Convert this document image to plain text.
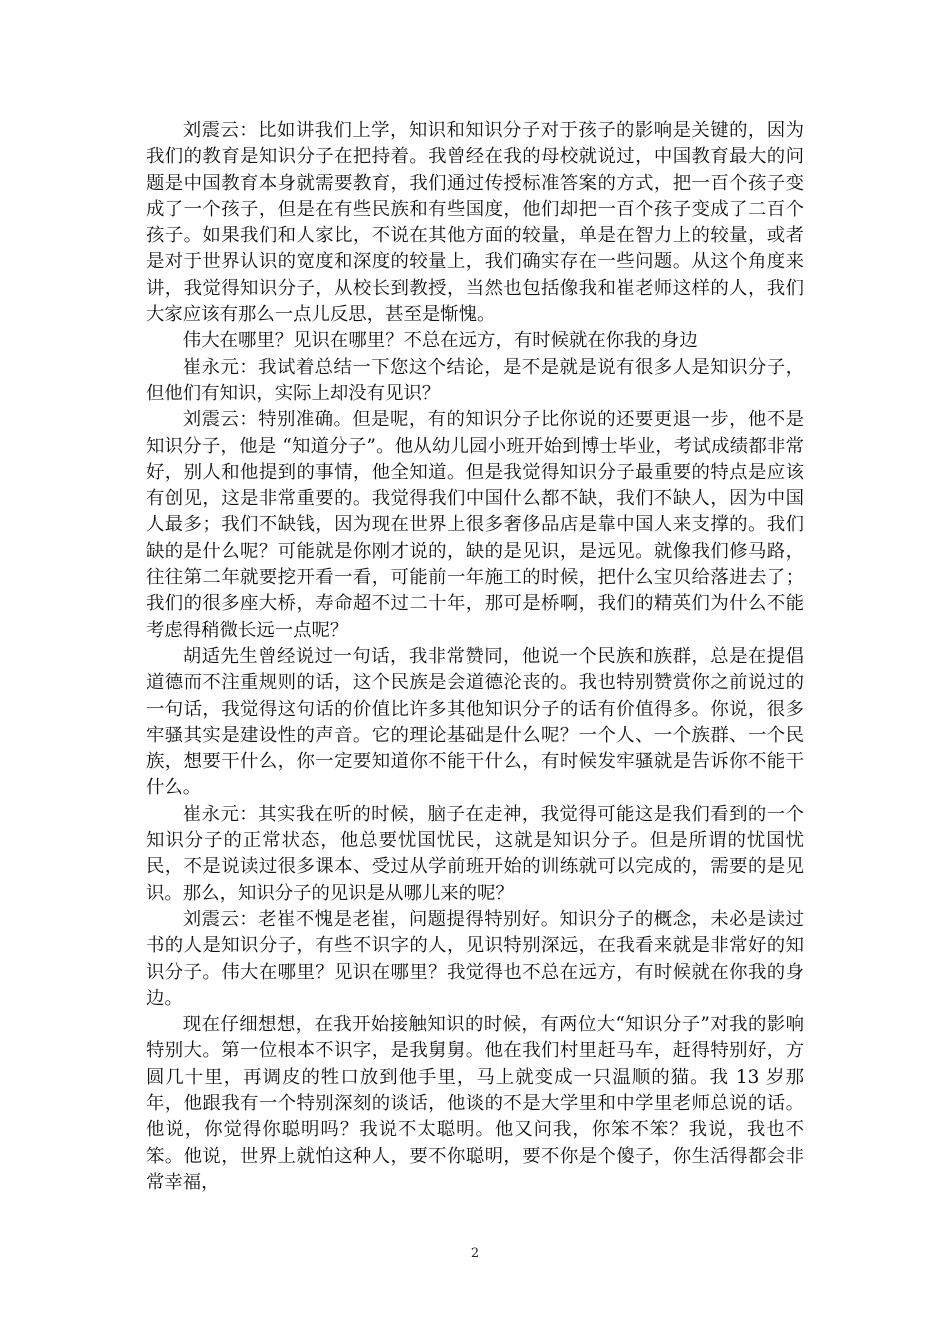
刘震云：比如讲我们上学，知识和知识分子对于孩子的影响是关键的，因为我们的教育是知识分子在把持着。我曾经在我的母校就说过，中国教育最大的问题是中国教育本身就需要教育，我们通过传授标准答案的方式，把一百个孩子变成了一个孩子，但是在有些民族和有些国度，他们却把一百个孩子变成了二百个孩子。如果我们和人家比，不说在其他方面的较量，单是在智力上的较量，或者是对于世界认识的宽度和深度的较量上，我们确实存在一些问题。从这个角度来讲，我觉得知识分子，从校长到教授，当然也包括像我和崔老师这样的人，我们大家应该有那么一点儿反思，甚至是惭愧。

伟大在哪里？见识在哪里？不总在远方，有时候就在你我的身边

崔永元：我试着总结一下您这个结论，是不是就是说有很多人是知识分子，但他们有知识，实际上却没有见识？

刘震云：特别准确。但是呢，有的知识分子比你说的还要更退一步，他不是知识分子，他是 “知道分子”。他从幼儿园小班开始到博士毕业，考试成绩都非常好，别人和他提到的事情，他全知道。但是我觉得知识分子最重要的特点是应该有创见，这是非常重要的。我觉得我们中国什么都不缺，我们不缺人，因为中国人最多；我们不缺钱，因为现在世界上很多奢侈品店是靠中国人来支撑的。我们缺的是什么呢？可能就是你刚才说的，缺的是见识，是远见。就像我们修马路，往往第二年就要挖开看一看，可能前一年施工的时候，把什么宝贝给落进去了；我们的很多座大桥，寿命超不过二十年，那可是桥啊，我们的精英们为什么不能考虑得稍微长远一点呢？

胡适先生曾经说过一句话，我非常赞同，他说一个民族和族群，总是在提倡道德而不注重规则的话，这个民族是会道德沦丧的。我也特别赞赏你之前说过的一句话，我觉得这句话的价值比许多其他知识分子的话有价值得多。你说，很多牢骚其实是建设性的声音。它的理论基础是什么呢？一个人、一个族群、一个民族，想要干什么，你一定要知道你不能干什么，有时候发牢骚就是告诉你不能干什么。

崔永元：其实我在听的时候，脑子在走神，我觉得可能这是我们看到的一个知识分子的正常状态，他总要忧国忧民，这就是知识分子。但是所谓的忧国忧民，不是说读过很多课本、受过从学前班开始的训练就可以完成的，需要的是见识。那么，知识分子的见识是从哪儿来的呢？

刘震云：老崔不愧是老崔，问题提得特别好。知识分子的概念，未必是读过书的人是知识分子，有些不识字的人，见识特别深远，在我看来就是非常好的知识分子。伟大在哪里？见识在哪里？我觉得也不总在远方，有时候就在你我的身边。

现在仔细想想，在我开始接触知识的时候，有两位大“知识分子”对我的影响特别大。第一位根本不识字，是我舅舅。他在我们村里赶马车，赶得特别好，方圆几十里，再调皮的牲口放到他手里，马上就变成一只温顺的猫。我 13 岁那年，他跟我有一个特别深刻的谈话，他谈的不是大学里和中学里老师总说的话。他说，你觉得你聪明吗？我说不太聪明。他又问我，你笨不笨？我说，我也不笨。他说，世界上就怕这种人，要不你聪明，要不你是个傻子，你生活得都会非常幸福，

2
